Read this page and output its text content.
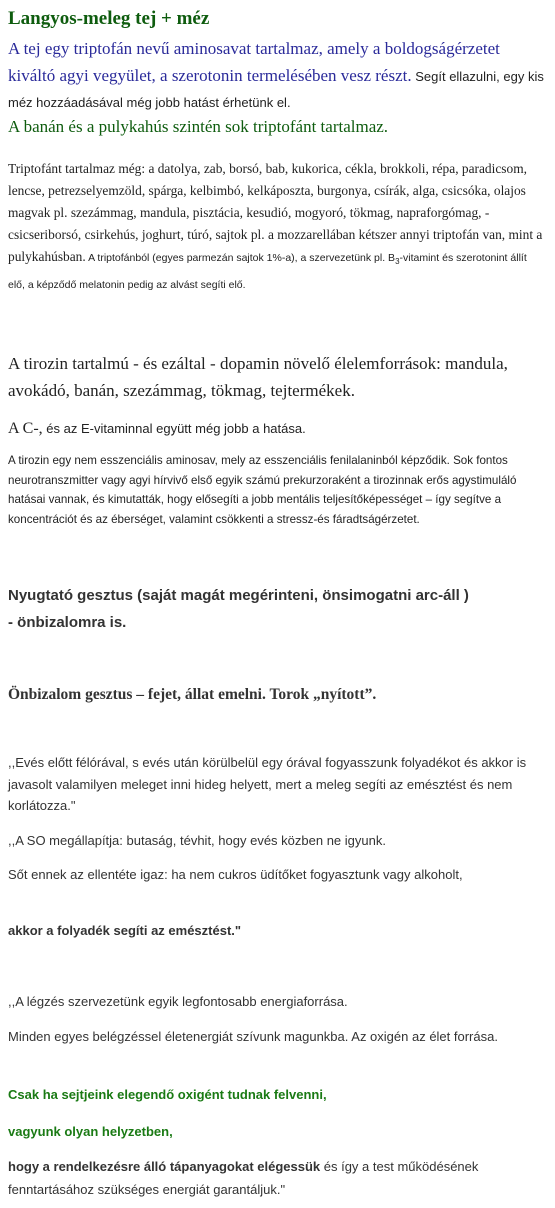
Langyos-meleg tej + méz
A tej egy triptofán nevű aminosavat tartalmaz, amely a boldogságérzetet kiváltó agyi vegyület, a szerotonin termelésében vesz részt. Segít ellazulni, egy kis méz hozzáadásával még jobb hatást érhetünk el.
A banán és a pulykahús szintén sok triptofánt tartalmaz.
Triptofánt tartalmaz még: a datolya, zab, borsó, bab, kukorica, cékla, brokkoli, répa, paradicsom, lencse, petrezselyemzöld, spárga, kelbimbó, kelkáposzta, burgonya, csírák, alga, csicsóka, olajos magvak pl. szezámmag, mandula, pisztácia, kesudió, mogyoró, tökmag, napraforgómag, - csicseriborsó, csirkehús, joghurt, túró, sajtok pl. a mozzarellában kétszer annyi triptofán van, mint a pulykahúsban. A triptofánból (egyes parmezán sajtok 1%-a), a szervezetünk pl. $B_3$-vitamint és szerotonint állít elő, a képződő melatonin pedig az alvást segíti elő.
A tirozin tartalmú - és ezáltal - dopamin növelő élelemforrások: mandula, avokádó, banán, szezámmag, tökmag, tejtermékek.
A C-, és az E-vitaminnal együtt még jobb a hatása.
A tirozin egy nem esszenciális aminosav, mely az esszenciális fenilalaninból képződik. Sok fontos neurotranszmitter vagy agyi hírvivő első egyik számú prekurzoraként a tirozinnak erős agystimuláló hatásai vannak, és kimutatták, hogy elősegíti a jobb mentális teljesítőképességet – így segítve a koncentrációt és az éberséget, valamint csökkenti a stressz-és fáradtságérzetet.
Nyugtató gesztus (saját magát megérinteni, önsimogatni arc-áll ) - önbizalomra is.
Önbizalom gesztus – fejet, állat emelni. Torok „nyított”.
,,Evés előtt félórával, s evés után körülbelül egy órával fogyasszunk folyadékot és akkor is javasolt valamilyen meleget inni hideg helyett, mert a meleg segíti az emésztést és nem korlátozza."
,,A SO megállapítja: butaság, tévhit, hogy evés közben ne igyunk.
Sőt ennek az ellentéte igaz: ha nem cukros üdítőket fogyasztunk vagy alkoholt,
akkor a folyadék segíti az emésztést."
,,A légzés szervezetünk egyik legfontosabb energiaforrása.
Minden egyes belégzéssel életenergiát szívunk magunkba. Az oxigén az élet forrása.
Csak ha sejtjeink elegendő oxigént tudnak felvenni,
vagyunk olyan helyzetben,
hogy a rendelkezésre álló tápanyagokat elégessük és így a test működésének fenntartásához szükséges energiát garantáljuk."
